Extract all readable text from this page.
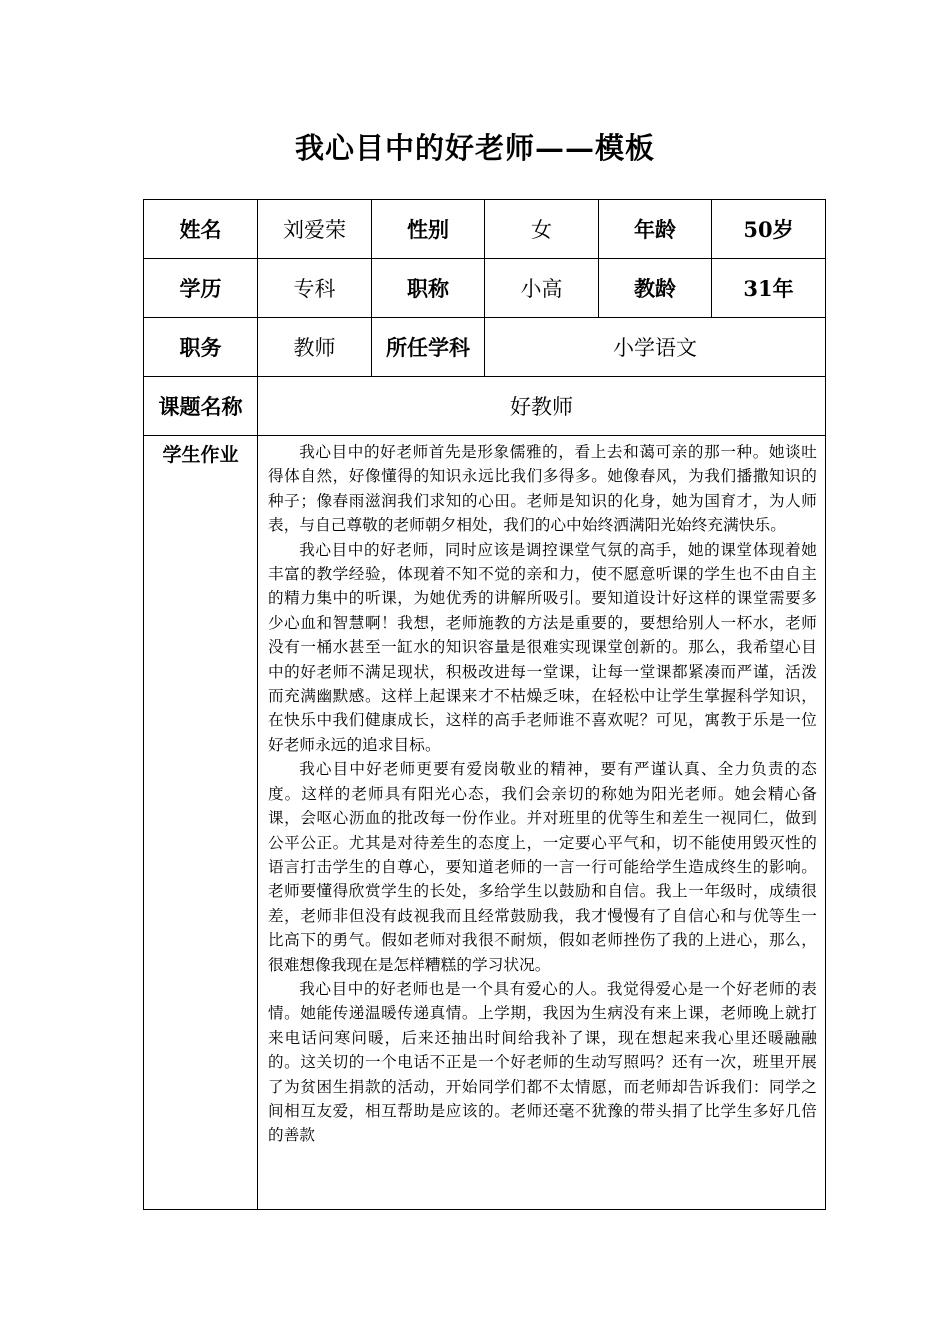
我心目中的好老师——模板
姓名	刘爱荣	性别	女	年龄	50岁
学历	专科	职称	小高	教龄	31年
职务	教师	所任学科	小学语文		
课题名称	好教师				
学生作业	我心目中的好老师首先是形象儒雅的，看上去和蔼可亲的那一种。她谈吐得体自然，好像懂得的知识永远比我们多得多。她像春风，为我们播撒知识的种子；像春雨滋润我们求知的心田。老师是知识的化身，她为国育才，为人师表，与自己尊敬的老师朝夕相处，我们的心中始终洒满阳光始终充满快乐。

我心目中的好老师，同时应该是调控课堂气氛的高手，她的课堂体现着她丰富的教学经验，体现着不知不觉的亲和力，使不愿意听课的学生也不由自主的精力集中的听课，为她优秀的讲解所吸引。要知道设计好这样的课堂需要多少心血和智慧啊！我想，老师施教的方法是重要的，要想给别人一杯水，老师没有一桶水甚至一缸水的知识容量是很难实现课堂创新的。那么，我希望心目中的好老师不满足现状，积极改进每一堂课，让每一堂课都紧凑而严谨，活泼而充满幽默感。这样上起课来才不枯燥乏味，在轻松中让学生掌握科学知识，在快乐中我们健康成长，这样的高手老师谁不喜欢呢？可见，寓教于乐是一位好老师永远的追求目标。

我心目中好老师更要有爱岗敬业的精神，要有严谨认真、全力负责的态度。这样的老师具有阳光心态，我们会亲切的称她为阳光老师。她会精心备课，会呕心沥血的批改每一份作业。并对班里的优等生和差生一视同仁，做到公平公正。尤其是对待差生的态度上，一定要心平气和，切不能使用毁灭性的语言打击学生的自尊心，要知道老师的一言一行可能给学生造成终生的影响。老师要懂得欣赏学生的长处，多给学生以鼓励和自信。我上一年级时，成绩很差，老师非但没有歧视我而且经常鼓励我，我才慢慢有了自信心和与优等生一比高下的勇气。假如老师对我很不耐烦，假如老师挫伤了我的上进心，那么，很难想像我现在是怎样糟糕的学习状况。

我心目中的好老师也是一个具有爱心的人。我觉得爱心是一个好老师的表情。她能传递温暖传递真情。上学期，我因为生病没有来上课，老师晚上就打来电话问寒问暖，后来还抽出时间给我补了课，现在想起来我心里还暖融融的。这关切的一个电话不正是一个好老师的生动写照吗？还有一次，班里开展了为贫困生捐款的活动，开始同学们都不太情愿，而老师却告诉我们：同学之间相互友爱，相互帮助是应该的。老师还毫不犹豫的带头捐了比学生多好几倍的善款				
